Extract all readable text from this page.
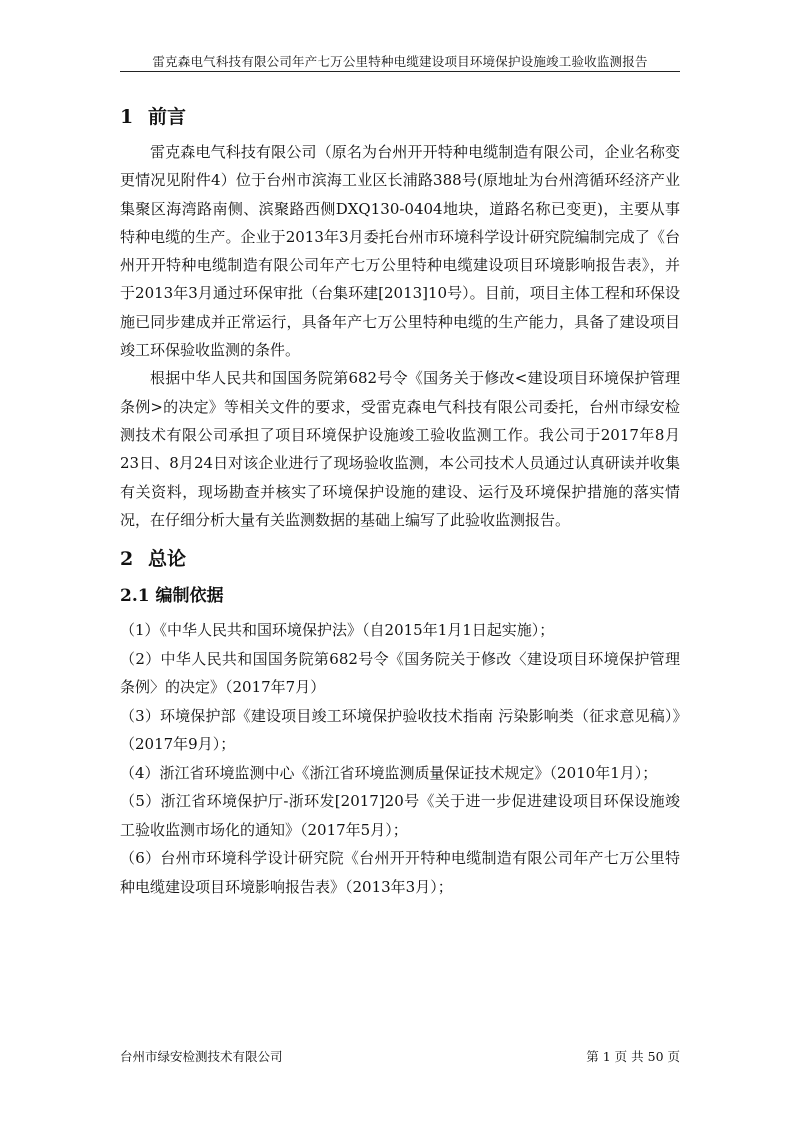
雷克森电气科技有限公司年产七万公里特种电缆建设项目环境保护设施竣工验收监测报告
1 前言

雷克森电气科技有限公司（原名为台州开开特种电缆制造有限公司，企业名称变更情况见附件4）位于台州市滨海工业区长浦路388号(原地址为台州湾循环经济产业集聚区海湾路南侧、滨聚路西侧DXQ130-0404地块，道路名称已变更)，主要从事特种电缆的生产。企业于2013年3月委托台州市环境科学设计研究院编制完成了《台州开开特种电缆制造有限公司年产七万公里特种电缆建设项目环境影响报告表》，并于2013年3月通过环保审批（台集环建[2013]10号）。目前，项目主体工程和环保设施已同步建成并正常运行，具备年产七万公里特种电缆的生产能力，具备了建设项目竣工环保验收监测的条件。

根据中华人民共和国国务院第682号令《国务关于修改<建设项目环境保护管理条例>的决定》等相关文件的要求，受雷克森电气科技有限公司委托，台州市绿安检测技术有限公司承担了项目环境保护设施竣工验收监测工作。我公司于2017年8月23日、8月24日对该企业进行了现场验收监测，本公司技术人员通过认真研读并收集有关资料，现场勘查并核实了环境保护设施的建设、运行及环境保护措施的落实情况，在仔细分析大量有关监测数据的基础上编写了此验收监测报告。

2 总论
2.1 编制依据

（1）《中华人民共和国环境保护法》（自2015年1月1日起实施）；

（2）中华人民共和国国务院第682号令《国务院关于修改〈建设项目环境保护管理条例〉的决定》（2017年7月）

（3）环境保护部《建设项目竣工环境保护验收技术指南 污染影响类（征求意见稿）》（2017年9月）；

（4）浙江省环境监测中心《浙江省环境监测质量保证技术规定》（2010年1月）；

（5）浙江省环境保护厅-浙环发[2017]20号《关于进一步促进建设项目环保设施竣工验收监测市场化的通知》（2017年5月）；

（6）台州市环境科学设计研究院《台州开开特种电缆制造有限公司年产七万公里特种电缆建设项目环境影响报告表》（2013年3月）；

台州市绿安检测技术有限公司	第 1 页 共 50 页
